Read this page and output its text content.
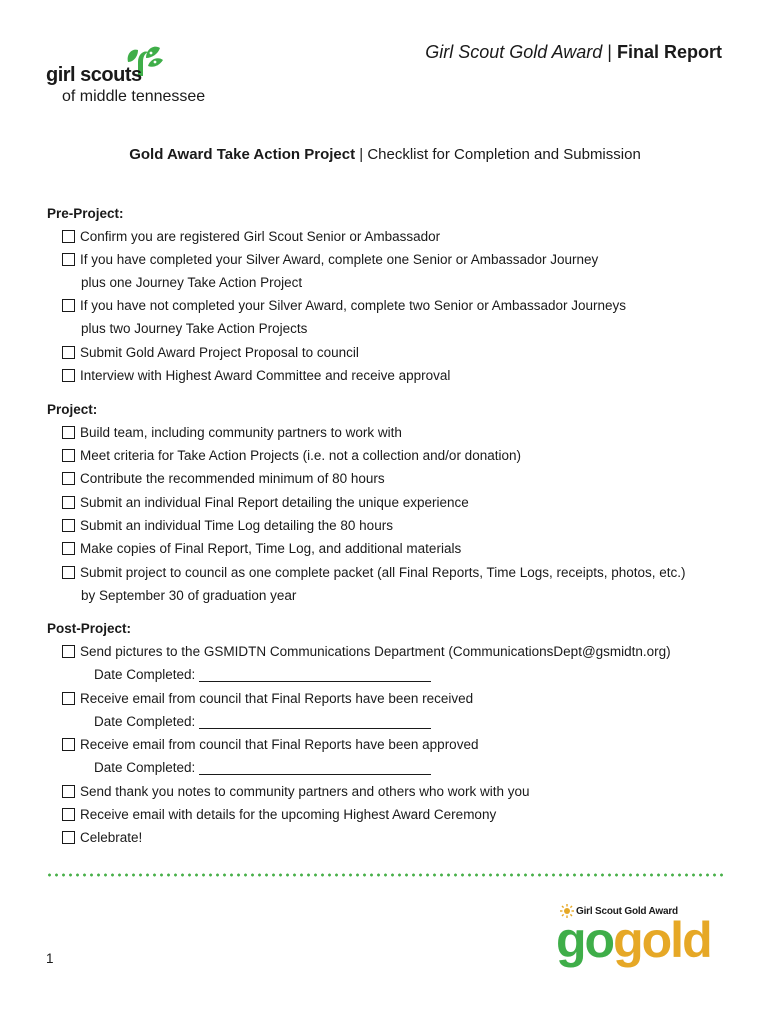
girl scouts
of middle tennessee
Girl Scout Gold Award | Final Report
Gold Award Take Action Project | Checklist for Completion and Submission
Pre-Project:
Confirm you are registered Girl Scout Senior or Ambassador
If you have completed your Silver Award, complete one Senior or Ambassador Journey
plus one Journey Take Action Project
If you have not completed your Silver Award, complete two Senior or Ambassador Journeys
plus two Journey Take Action Projects
Submit Gold Award Project Proposal to council
Interview with Highest Award Committee and receive approval
Project:
Build team, including community partners to work with
Meet criteria for Take Action Projects (i.e. not a collection and/or donation)
Contribute the recommended minimum of 80 hours
Submit an individual Final Report detailing the unique experience
Submit an individual Time Log detailing the 80 hours
Make copies of Final Report, Time Log, and additional materials
Submit project to council as one complete packet (all Final Reports, Time Logs, receipts, photos, etc.)
by September 30 of graduation year
Post-Project:
Send pictures to the GSMIDTN Communications Department (CommunicationsDept@gsmidtn.org)
Date Completed:
Receive email from council that Final Reports have been received
Date Completed:
Receive email from council that Final Reports have been approved
Date Completed:
Send thank you notes to community partners and others who work with you
Receive email with details for the upcoming Highest Award Ceremony
Celebrate!
1
Girl Scout Gold Award
gogold
